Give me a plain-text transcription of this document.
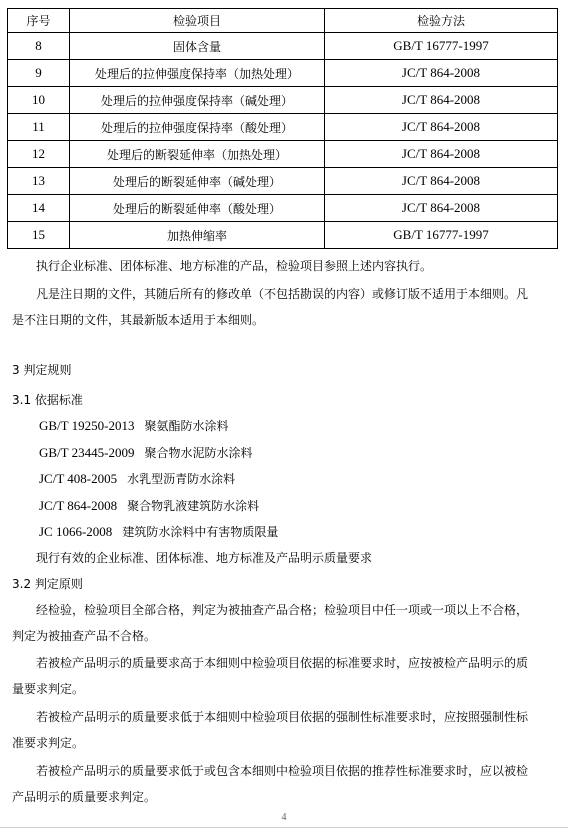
序号	检验项目	检验方法
8	固体含量	GB/T 16777-1997
9	处理后的拉伸强度保持率（加热处理）	JC/T 864-2008
10	处理后的拉伸强度保持率（碱处理）	JC/T 864-2008
11	处理后的拉伸强度保持率（酸处理）	JC/T 864-2008
12	处理后的断裂延伸率（加热处理）	JC/T 864-2008
13	处理后的断裂延伸率（碱处理）	JC/T 864-2008
14	处理后的断裂延伸率（酸处理）	JC/T 864-2008
15	加热伸缩率	GB/T 16777-1997
执行企业标准、团体标准、地方标准的产品，检验项目参照上述内容执行。
凡是注日期的文件，其随后所有的修改单（不包括勘误的内容）或修订版不适用于本细则。凡
是不注日期的文件，其最新版本适用于本细则。
3 判定规则
3.1 依据标准
GB/T 19250-2013 聚氨酯防水涂料
GB/T 23445-2009 聚合物水泥防水涂料
JC/T 408-2005 水乳型沥青防水涂料
JC/T 864-2008 聚合物乳液建筑防水涂料
JC 1066-2008 建筑防水涂料中有害物质限量
现行有效的企业标准、团体标准、地方标准及产品明示质量要求
3.2 判定原则
经检验，检验项目全部合格，判定为被抽查产品合格；检验项目中任一项或一项以上不合格，
判定为被抽查产品不合格。
若被检产品明示的质量要求高于本细则中检验项目依据的标准要求时，应按被检产品明示的质
量要求判定。
若被检产品明示的质量要求低于本细则中检验项目依据的强制性标准要求时，应按照强制性标
准要求判定。
若被检产品明示的质量要求低于或包含本细则中检验项目依据的推荐性标准要求时，应以被检
产品明示的质量要求判定。
4
